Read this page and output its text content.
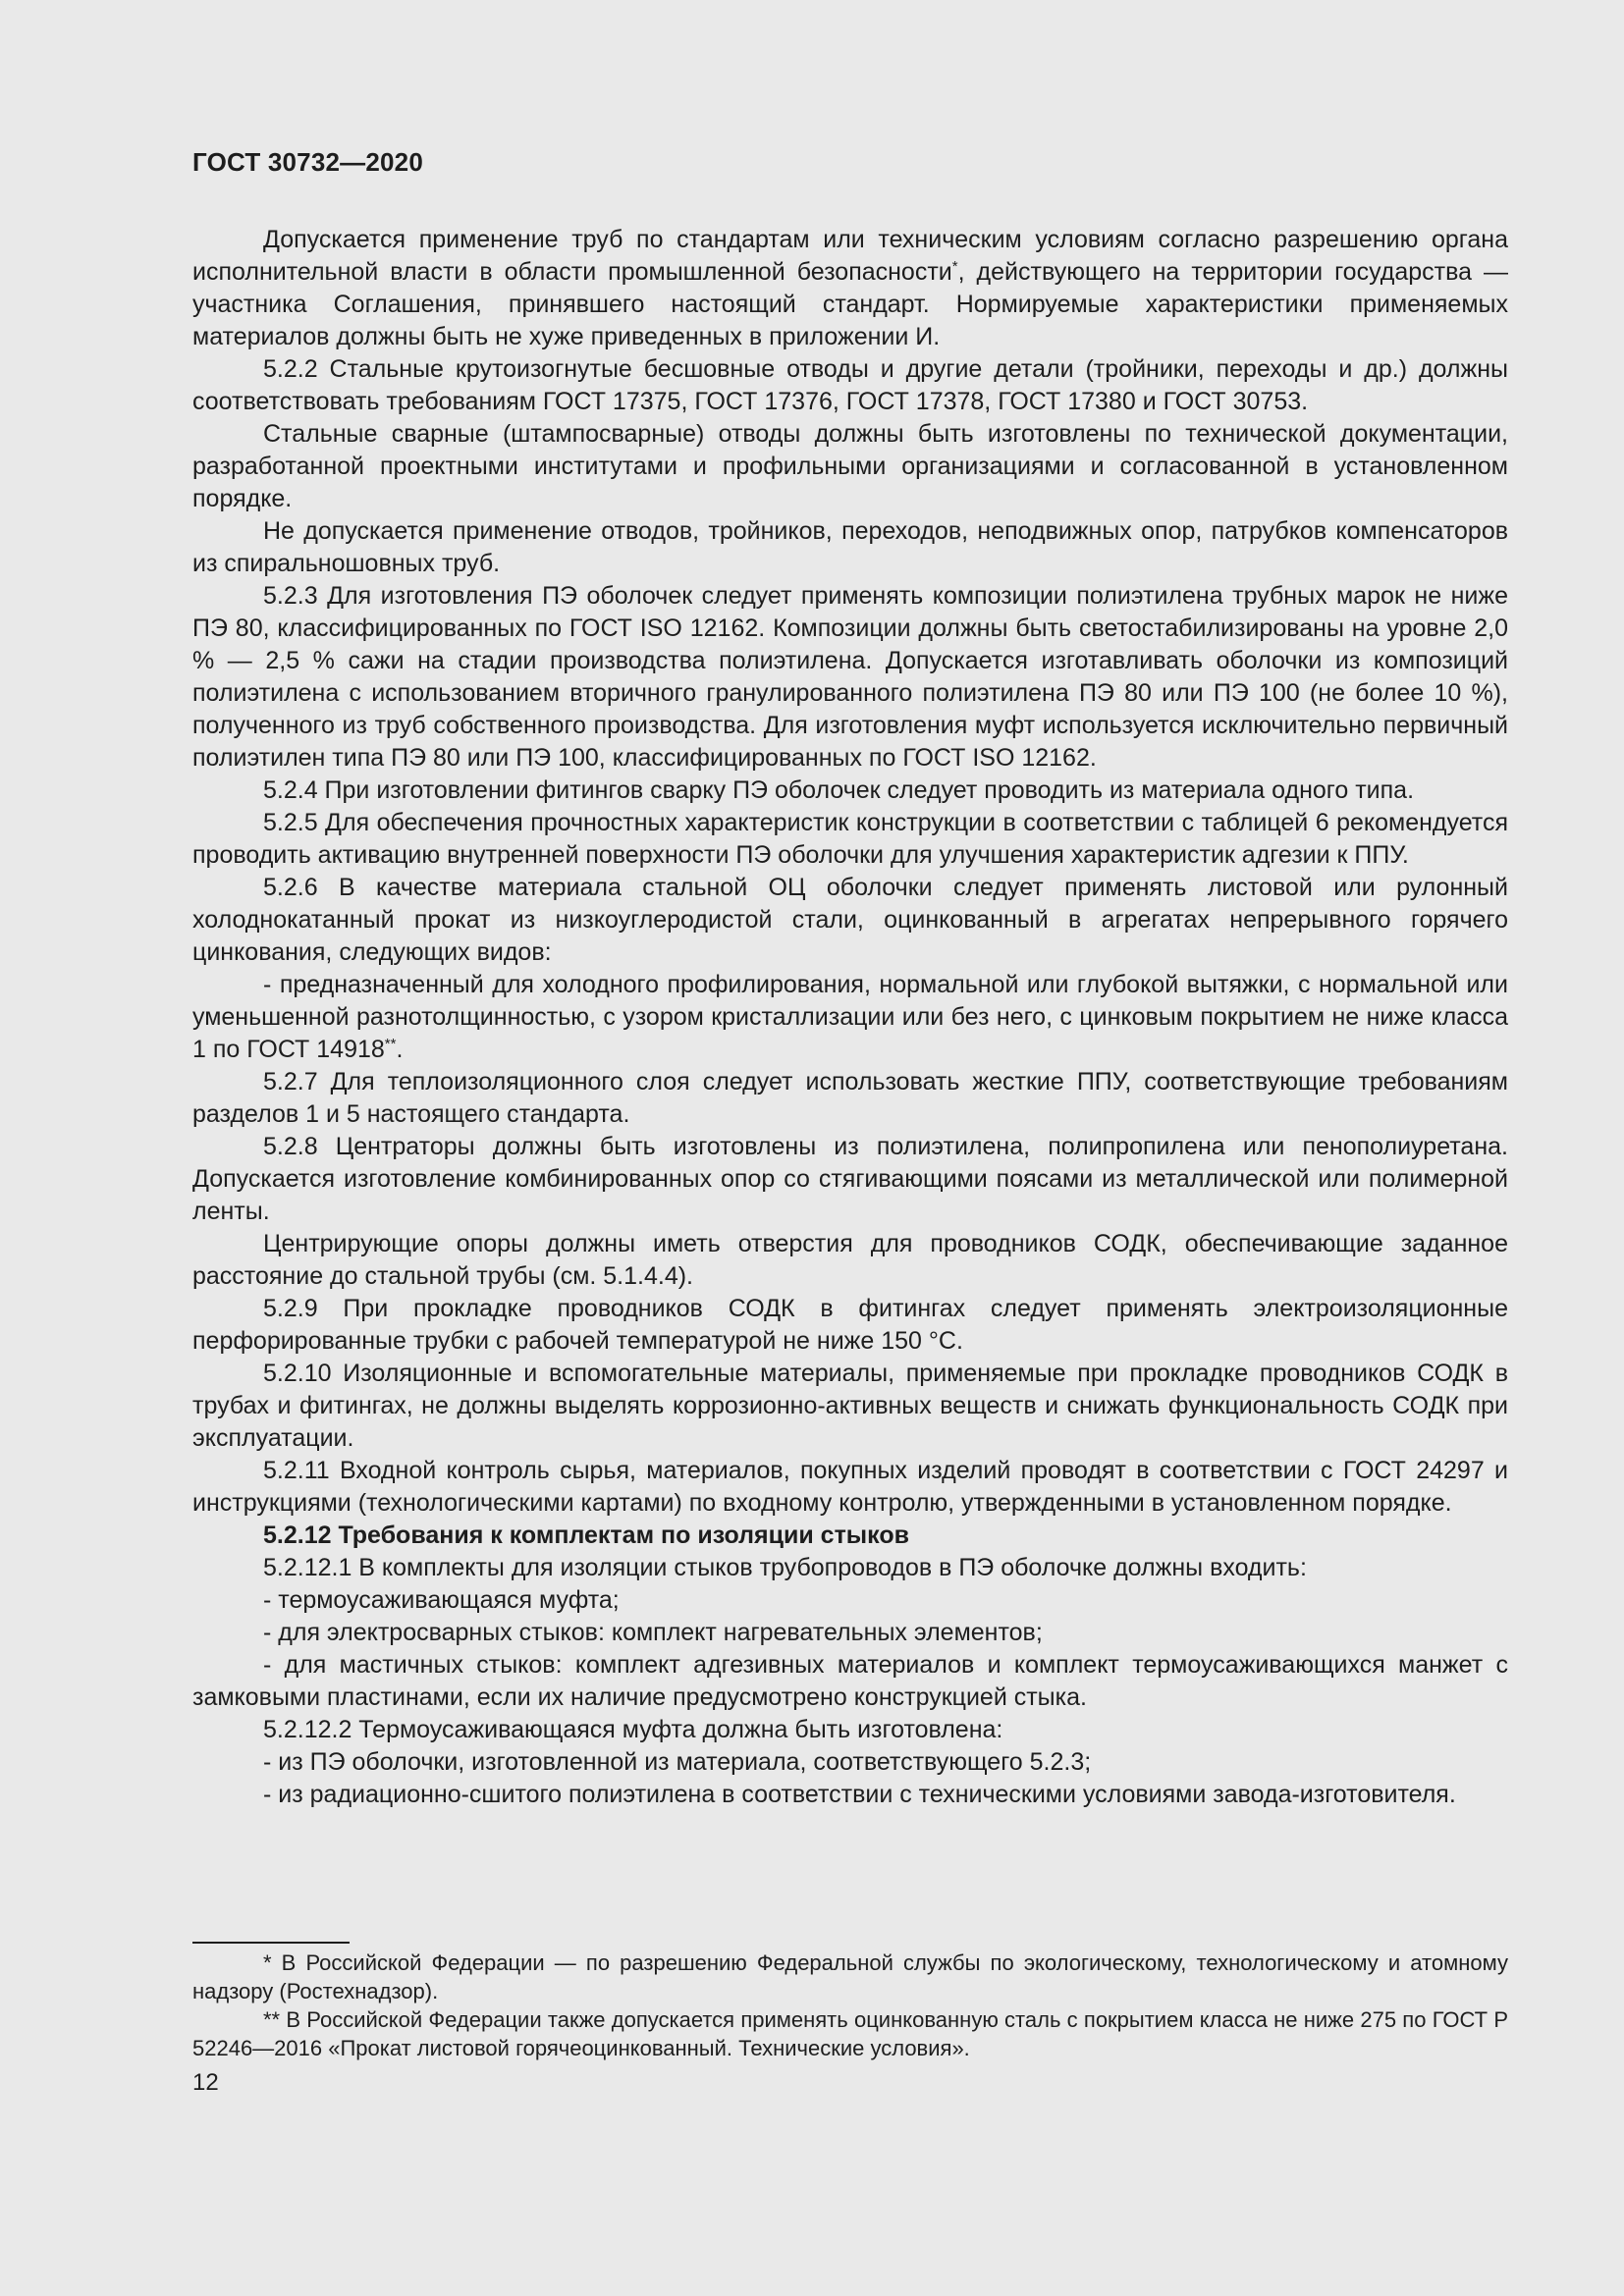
ГОСТ 30732—2020

Допускается применение труб по стандартам или техническим условиям согласно разрешению органа исполнительной власти в области промышленной безопасности*, действующего на территории государства — участника Соглашения, принявшего настоящий стандарт. Нормируемые характеристики применяемых материалов должны быть не хуже приведенных в приложении И.

5.2.2 Стальные крутоизогнутые бесшовные отводы и другие детали (тройники, переходы и др.) должны соответствовать требованиям ГОСТ 17375, ГОСТ 17376, ГОСТ 17378, ГОСТ 17380 и ГОСТ 30753.

Стальные сварные (штампосварные) отводы должны быть изготовлены по технической документации, разработанной проектными институтами и профильными организациями и согласованной в установленном порядке.

Не допускается применение отводов, тройников, переходов, неподвижных опор, патрубков компенсаторов из спиральношовных труб.

5.2.3 Для изготовления ПЭ оболочек следует применять композиции полиэтилена трубных марок не ниже ПЭ 80, классифицированных по ГОСТ ISO 12162. Композиции должны быть светостабилизированы на уровне 2,0 % — 2,5 % сажи на стадии производства полиэтилена. Допускается изготавливать оболочки из композиций полиэтилена с использованием вторичного гранулированного полиэтилена ПЭ 80 или ПЭ 100 (не более 10 %), полученного из труб собственного производства. Для изготовления муфт используется исключительно первичный полиэтилен типа ПЭ 80 или ПЭ 100, классифицированных по ГОСТ ISO 12162.

5.2.4 При изготовлении фитингов сварку ПЭ оболочек следует проводить из материала одного типа.

5.2.5 Для обеспечения прочностных характеристик конструкции в соответствии с таблицей 6 рекомендуется проводить активацию внутренней поверхности ПЭ оболочки для улучшения характеристик адгезии к ППУ.

5.2.6 В качестве материала стальной ОЦ оболочки следует применять листовой или рулонный холоднокатанный прокат из низкоуглеродистой стали, оцинкованный в агрегатах непрерывного горячего цинкования, следующих видов:

- предназначенный для холодного профилирования, нормальной или глубокой вытяжки, с нормальной или уменьшенной разнотолщинностью, с узором кристаллизации или без него, с цинковым покрытием не ниже класса 1 по ГОСТ 14918**.

5.2.7 Для теплоизоляционного слоя следует использовать жесткие ППУ, соответствующие требованиям разделов 1 и 5 настоящего стандарта.

5.2.8 Центраторы должны быть изготовлены из полиэтилена, полипропилена или пенополиуретана. Допускается изготовление комбинированных опор со стягивающими поясами из металлической или полимерной ленты.

Центрирующие опоры должны иметь отверстия для проводников СОДК, обеспечивающие заданное расстояние до стальной трубы (см. 5.1.4.4).

5.2.9 При прокладке проводников СОДК в фитингах следует применять электроизоляционные перфорированные трубки с рабочей температурой не ниже 150 °С.

5.2.10 Изоляционные и вспомогательные материалы, применяемые при прокладке проводников СОДК в трубах и фитингах, не должны выделять коррозионно-активных веществ и снижать функциональность СОДК при эксплуатации.

5.2.11 Входной контроль сырья, материалов, покупных изделий проводят в соответствии с ГОСТ 24297 и инструкциями (технологическими картами) по входному контролю, утвержденными в установленном порядке.

5.2.12 Требования к комплектам по изоляции стыков

5.2.12.1 В комплекты для изоляции стыков трубопроводов в ПЭ оболочке должны входить:

- термоусаживающаяся муфта;

- для электросварных стыков: комплект нагревательных элементов;

- для мастичных стыков: комплект адгезивных материалов и комплект термоусаживающихся манжет с замковыми пластинами, если их наличие предусмотрено конструкцией стыка.

5.2.12.2 Термоусаживающаяся муфта должна быть изготовлена:

- из ПЭ оболочки, изготовленной из материала, соответствующего 5.2.3;

- из радиационно-сшитого полиэтилена в соответствии с техническими условиями завода-изготовителя.

* В Российской Федерации — по разрешению Федеральной службы по экологическому, технологическому и атомному надзору (Ростехнадзор).

** В Российской Федерации также допускается применять оцинкованную сталь с покрытием класса не ниже 275 по ГОСТ Р 52246—2016 «Прокат листовой горячеоцинкованный. Технические условия».

12
